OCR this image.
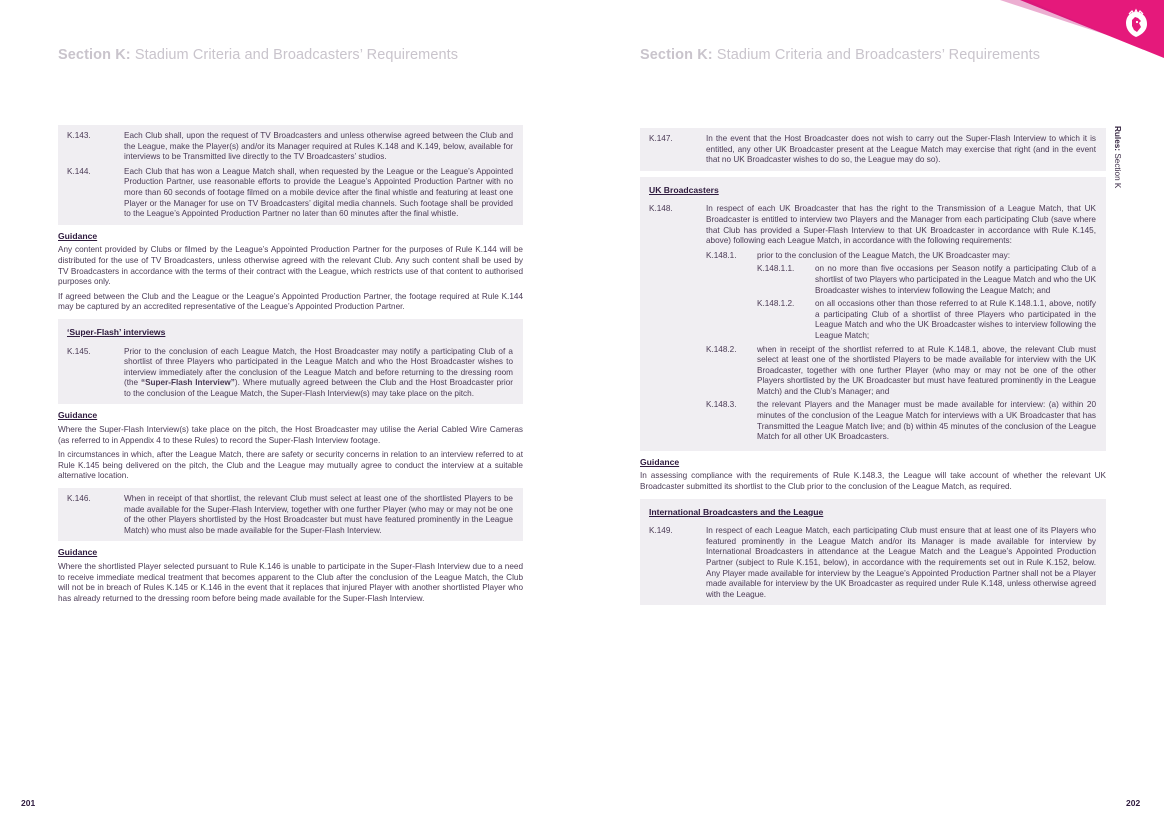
Section K: Stadium Criteria and Broadcasters’ Requirements	Section K: Stadium Criteria and Broadcasters’ Requirements
Rules: Section K
K.143.	Each Club shall, upon the request of TV Broadcasters and unless otherwise agreed between the Club and the League, make the Player(s) and/or its Manager required at Rules K.148 and K.149, below, available for interviews to be Transmitted live directly to the TV Broadcasters’ studios.
K.144.	Each Club that has won a League Match shall, when requested by the League or the League’s Appointed Production Partner, use reasonable efforts to provide the League’s Appointed Production Partner with no more than 60 seconds of footage filmed on a mobile device after the final whistle and featuring at least one Player or the Manager for use on TV Broadcasters’ digital media channels. Such footage shall be provided to the League’s Appointed Production Partner no later than 60 minutes after the final whistle.
Guidance
Any content provided by Clubs or filmed by the League’s Appointed Production Partner for the purposes of Rule K.144 will be distributed for the use of TV Broadcasters, unless otherwise agreed with the relevant Club. Any such content shall be used by TV Broadcasters in accordance with the terms of their contract with the League, which restricts use of that content to authorised purposes only.
If agreed between the Club and the League or the League’s Appointed Production Partner, the footage required at Rule K.144 may be captured by an accredited representative of the League’s Appointed Production Partner.
‘Super-Flash’ interviews
K.145.	Prior to the conclusion of each League Match, the Host Broadcaster may notify a participating Club of a shortlist of three Players who participated in the League Match and who the Host Broadcaster wishes to interview immediately after the conclusion of the League Match and before returning to the dressing room (the “Super-Flash Interview”). Where mutually agreed between the Club and the Host Broadcaster prior to the conclusion of the League Match, the Super-Flash Interview(s) may take place on the pitch.
Guidance
Where the Super-Flash Interview(s) take place on the pitch, the Host Broadcaster may utilise the Aerial Cabled Wire Cameras (as referred to in Appendix 4 to these Rules) to record the Super-Flash Interview footage.
In circumstances in which, after the League Match, there are safety or security concerns in relation to an interview referred to at Rule K.145 being delivered on the pitch, the Club and the League may mutually agree to conduct the interview at a suitable alternative location.
K.146.	When in receipt of that shortlist, the relevant Club must select at least one of the shortlisted Players to be made available for the Super-Flash Interview, together with one further Player (who may or may not be one of the other Players shortlisted by the Host Broadcaster but must have featured prominently in the League Match) who must also be made available for the Super-Flash Interview.
Guidance
Where the shortlisted Player selected pursuant to Rule K.146 is unable to participate in the Super-Flash Interview due to a need to receive immediate medical treatment that becomes apparent to the Club after the conclusion of the League Match, the Club will not be in breach of Rules K.145 or K.146 in the event that it replaces that injured Player with another shortlisted Player who has already returned to the dressing room before being made available for the Super-Flash Interview.
K.147.	In the event that the Host Broadcaster does not wish to carry out the Super-Flash Interview to which it is entitled, any other UK Broadcaster present at the League Match may exercise that right (and in the event that no UK Broadcaster wishes to do so, the League may do so).
UK Broadcasters
K.148.	In respect of each UK Broadcaster that has the right to the Transmission of a League Match, that UK Broadcaster is entitled to interview two Players and the Manager from each participating Club (save where that Club has provided a Super-Flash Interview to that UK Broadcaster in accordance with Rule K.145, above) following each League Match, in accordance with the following requirements:
K.148.1.	prior to the conclusion of the League Match, the UK Broadcaster may:
K.148.1.1.	on no more than five occasions per Season notify a participating Club of a shortlist of two Players who participated in the League Match and who the UK Broadcaster wishes to interview following the League Match; and
K.148.1.2.	on all occasions other than those referred to at Rule K.148.1.1, above, notify a participating Club of a shortlist of three Players who participated in the League Match and who the UK Broadcaster wishes to interview following the League Match;
K.148.2.	when in receipt of the shortlist referred to at Rule K.148.1, above, the relevant Club must select at least one of the shortlisted Players to be made available for interview with the UK Broadcaster, together with one further Player (who may or may not be one of the other Players shortlisted by the UK Broadcaster but must have featured prominently in the League Match) and the Club’s Manager; and
K.148.3.	the relevant Players and the Manager must be made available for interview: (a) within 20 minutes of the conclusion of the League Match for interviews with a UK Broadcaster that has Transmitted the League Match live; and (b) within 45 minutes of the conclusion of the League Match for all other UK Broadcasters.
Guidance
In assessing compliance with the requirements of Rule K.148.3, the League will take account of whether the relevant UK Broadcaster submitted its shortlist to the Club prior to the conclusion of the League Match, as required.
International Broadcasters and the League
K.149.	In respect of each League Match, each participating Club must ensure that at least one of its Players who featured prominently in the League Match and/or its Manager is made available for interview by International Broadcasters in attendance at the League Match and the League’s Appointed Production Partner (subject to Rule K.151, below), in accordance with the requirements set out in Rule K.152, below. Any Player made available for interview by the League’s Appointed Production Partner shall not be a Player made available for interview by the UK Broadcaster as required under Rule K.148, unless otherwise agreed with the League.
201	202
